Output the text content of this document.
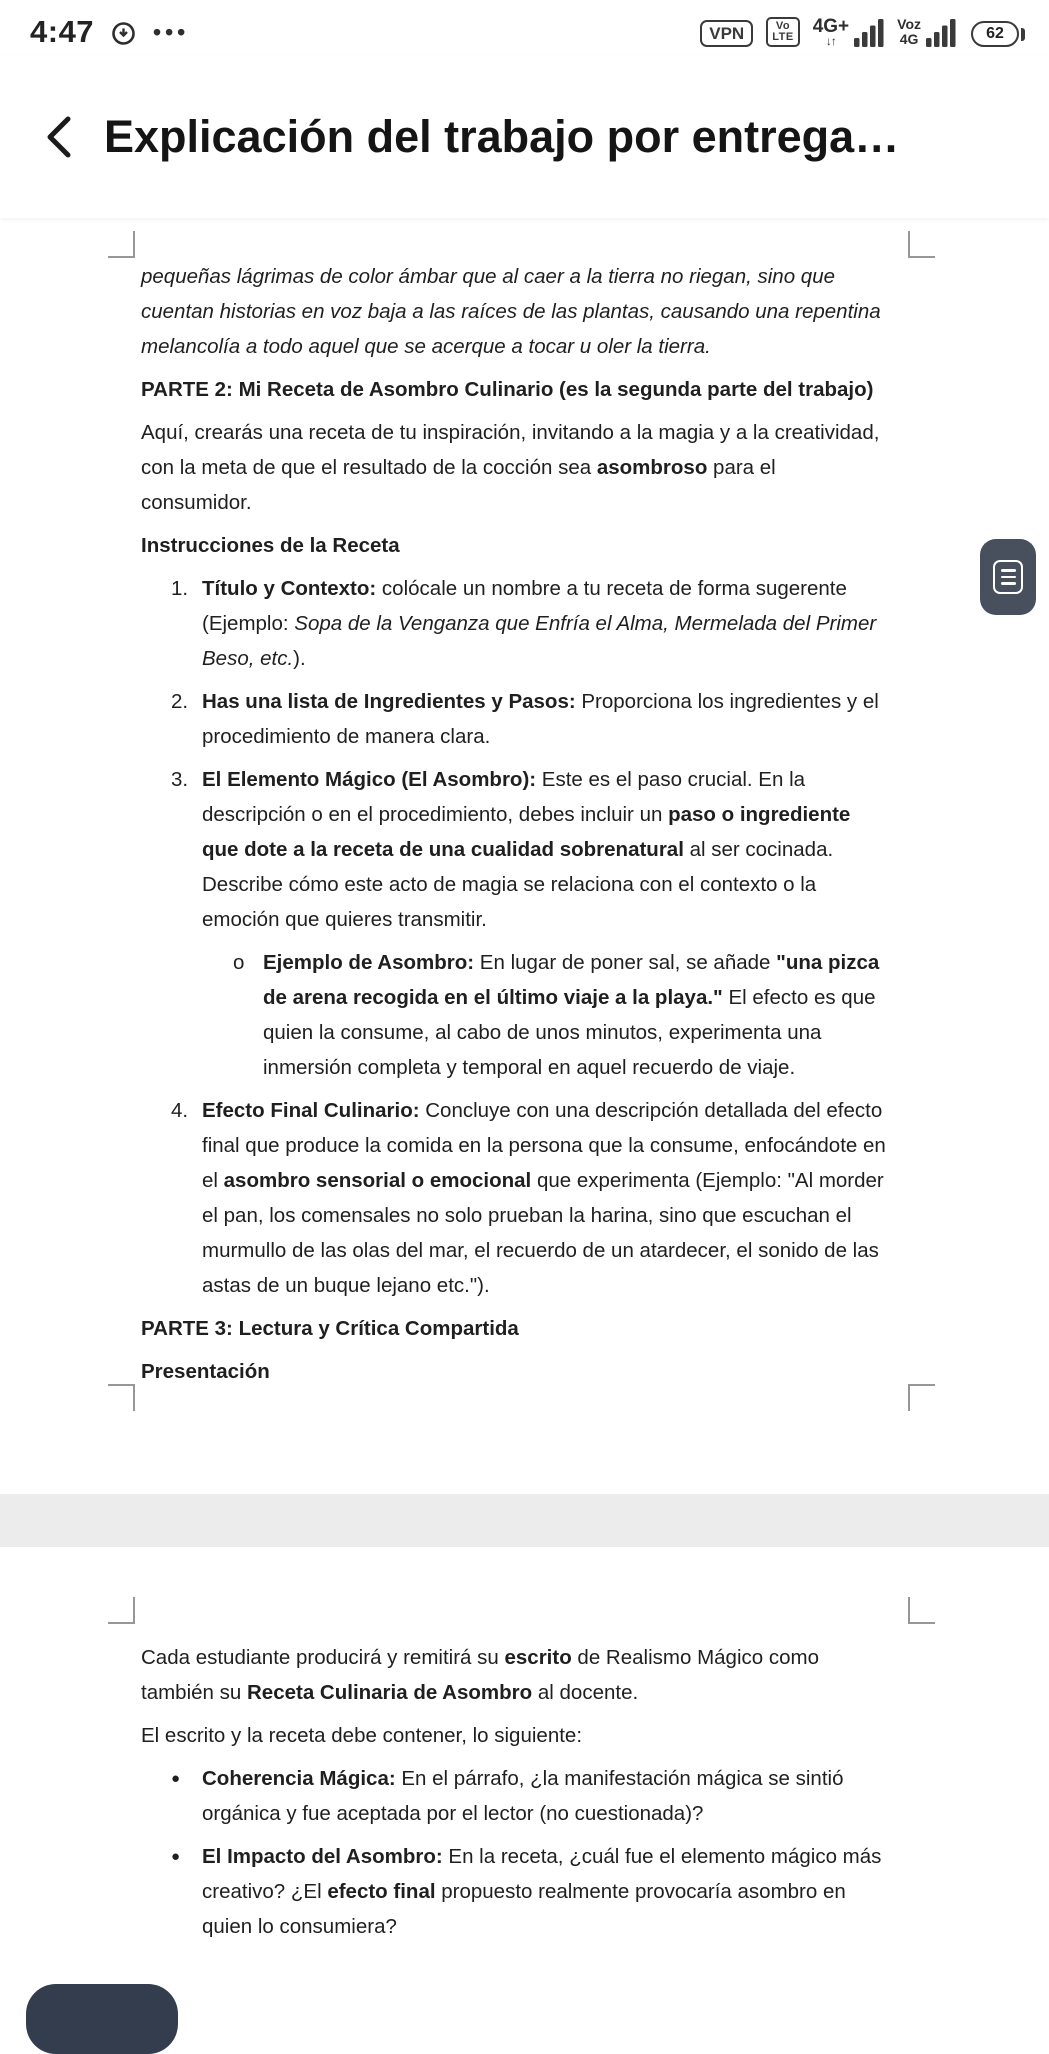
4:47	•••	VPN	Vo
LTE 4G+
↓↑
Voz
4G	62
Explicación del trabajo por entrega…

pequeñas lágrimas de color ámbar que al caer a la tierra no riegan, sino que cuentan historias en voz baja a las raíces de las plantas, causando una repentina melancolía a todo aquel que se acerque a tocar u oler la tierra.

PARTE 2: Mi Receta de Asombro Culinario (es la segunda parte del trabajo)

Aquí, crearás una receta de tu inspiración, invitando a la magia y a la creatividad, con la meta de que el resultado de la cocción sea asombroso para el consumidor.

Instrucciones de la Receta

1. Título y Contexto: colócale un nombre a tu receta de forma sugerente (Ejemplo: Sopa de la Venganza que Enfría el Alma, Mermelada del Primer Beso, etc.).
2. Has una lista de Ingredientes y Pasos: Proporciona los ingredientes y el procedimiento de manera clara.
3. El Elemento Mágico (El Asombro): Este es el paso crucial. En la descripción o en el procedimiento, debes incluir un paso o ingrediente que dote a la receta de una cualidad sobrenatural al ser cocinada. Describe cómo este acto de magia se relaciona con el contexto o la emoción que quieres transmitir.
o Ejemplo de Asombro: En lugar de poner sal, se añade "una pizca de arena recogida en el último viaje a la playa." El efecto es que quien la consume, al cabo de unos minutos, experimenta una inmersión completa y temporal en aquel recuerdo de viaje.
4. Efecto Final Culinario: Concluye con una descripción detallada del efecto final que produce la comida en la persona que la consume, enfocándote en el asombro sensorial o emocional que experimenta (Ejemplo: "Al morder el pan, los comensales no solo prueban la harina, sino que escuchan el murmullo de las olas del mar, el recuerdo de un atardecer, el sonido de las astas de un buque lejano etc.").

PARTE 3: Lectura y Crítica Compartida

Presentación

Cada estudiante producirá y remitirá su escrito de Realismo Mágico como también su Receta Culinaria de Asombro al docente.

El escrito y la receta debe contener, lo siguiente:

●	Coherencia Mágica: En el párrafo, ¿la manifestación mágica se sintió orgánica y fue aceptada por el lector (no cuestionada)?
●	El Impacto del Asombro: En la receta, ¿cuál fue el elemento mágico más creativo? ¿El efecto final propuesto realmente provocaría asombro en quien lo consumiera?
